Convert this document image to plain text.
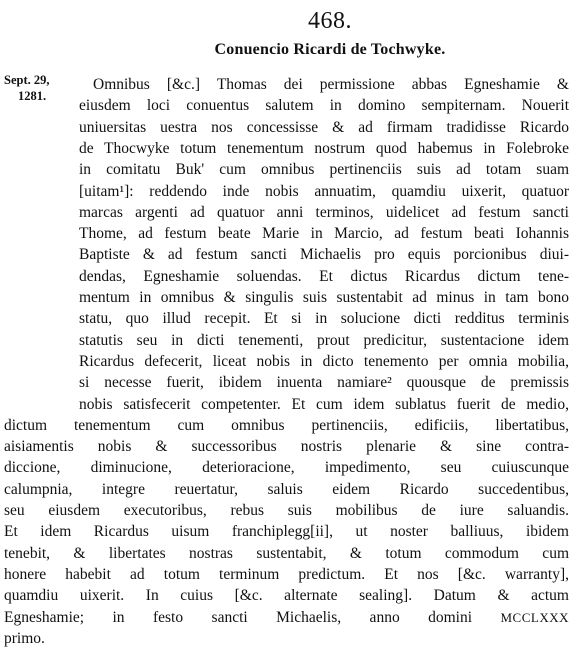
468.
Conuencio Ricardi de Tochwyke.
Sept. 29,
1281.
Omnibus [&c.] Thomas dei permissione abbas Egneshamie &
eiusdem loci conuentus salutem in domino sempiternam. Nouerit
uniuersitas uestra nos concessisse & ad firmam tradidisse Ricardo
de Thocwyke totum tenementum nostrum quod habemus in Folebroke
in comitatu Buk' cum omnibus pertinenciis suis ad totam suam
[uitam¹]: reddendo inde nobis annuatim, quamdiu uixerit, quatuor
marcas argenti ad quatuor anni terminos, uidelicet ad festum sancti
Thome, ad festum beate Marie in Marcio, ad festum beati Iohannis
Baptiste & ad festum sancti Michaelis pro equis porcionibus diui-
dendas, Egneshamie soluendas. Et dictus Ricardus dictum tene-
mentum in omnibus & singulis suis sustentabit ad minus in tam bono
statu, quo illud recepit. Et si in solucione dicti redditus terminis
statutis seu in dicti tenementi, prout predicitur, sustentacione idem
Ricardus defecerit, liceat nobis in dicto tenemento per omnia mobilia,
si necesse fuerit, ibidem inuenta namiare² quousque de premissis
nobis satisfecerit competenter. Et cum idem sublatus fuerit de medio,
dictum tenementum cum omnibus pertinenciis, edificiis, libertatibus,
aisiamentis nobis & successoribus nostris plenarie & sine contra-
diccione, diminucione, deterioracione, impedimento, seu cuiuscunque
calumpnia, integre reuertatur, saluis eidem Ricardo succedentibus,
seu eiusdem executoribus, rebus suis mobilibus de iure saluandis.
Et idem Ricardus uisum franchiplegg[ii], ut noster balliuus, ibidem
tenebit, & libertates nostras sustentabit, & totum commodum cum
honere habebit ad totum terminum predictum. Et nos [&c. warranty],
quamdiu uixerit. In cuius [&c. alternate sealing]. Datum & actum
Egneshamie; in festo sancti Michaelis, anno domini MCCLXXX
primo.
